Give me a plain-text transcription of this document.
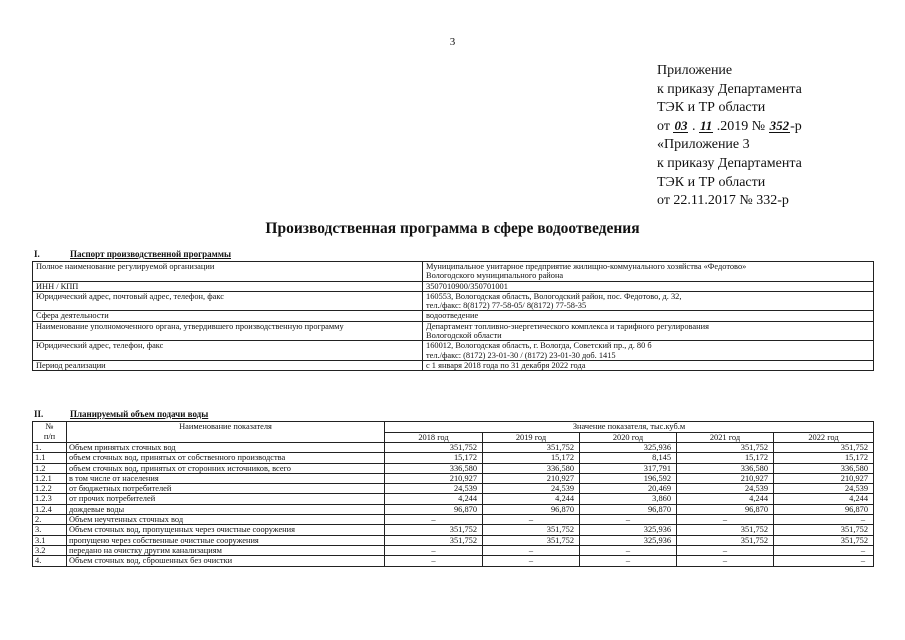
3
Приложение
к приказу Департамента
ТЭК и ТР области
от 03 . 11 .2019 № 352-р
«Приложение 3
к приказу Департамента
ТЭК и ТР области
от 22.11.2017 № 332-р
Производственная программа в сфере водоотведения
I.	Паспорт производственной программы
Полное наименование регулируемой организации	Муниципальное унитарное предприятие жилищно-коммунального хозяйства «Федотово»
Вологодского муниципального района

ИНН / КПП	3507010900/350701001

Юридический адрес, почтовый адрес, телефон, факс	160553, Вологодская область, Вологодский район, пос. Федотово, д. 32,
тел./факс: 8(8172) 77-58-05/ 8(8172) 77-58-35

Сфера деятельности	водоотведение

Наименование уполномоченного органа, утвердившего производственную программу	Департамент топливно-энергетического комплекса и тарифного регулирования
Вологодской области

Юридический адрес, телефон, факс	160012, Вологодская область, г. Вологда, Советский пр., д. 80 б
тел./факс: (8172) 23-01-30 / (8172) 23-01-30 доб. 1415

Период реализации	с 1 января 2018 года по 31 декабря 2022 года
II.	Планируемый объем подачи воды
№
п/п	Наименование показателя	Значение показателя, тыс.куб.м				
		2018 год	2019 год	2020 год	2021 год	2022 год
1.	Объем принятых сточных вод	351,752	351,752	325,936	351,752	351,752
1.1	объем сточных вод, принятых от собственного производства	15,172	15,172	8,145	15,172	15,172
1.2	объем сточных вод, принятых от сторонних источников, всего	336,580	336,580	317,791	336,580	336,580
1.2.1	в том числе от населения	210,927	210,927	196,592	210,927	210,927
1.2.2	от бюджетных потребителей	24,539	24,539	20,469	24,539	24,539
1.2.3	от прочих потребителей	4,244	4,244	3,860	4,244	4,244
1.2.4	дождевые воды	96,870	96,870	96,870	96,870	96,870
2.	Объем неучтенных сточных вод	–	–	–	–	–
3.	Объем сточных вод, пропущенных через очистные сооружения	351,752	351,752	325,936	351,752	351,752
3.1	пропущено через собственные очистные сооружения	351,752	351,752	325,936	351,752	351,752
3.2	передано на очистку другим канализациям	–	–	–	–	–
4.	Объем сточных вод, сброшенных без очистки	–	–	–	–	–
